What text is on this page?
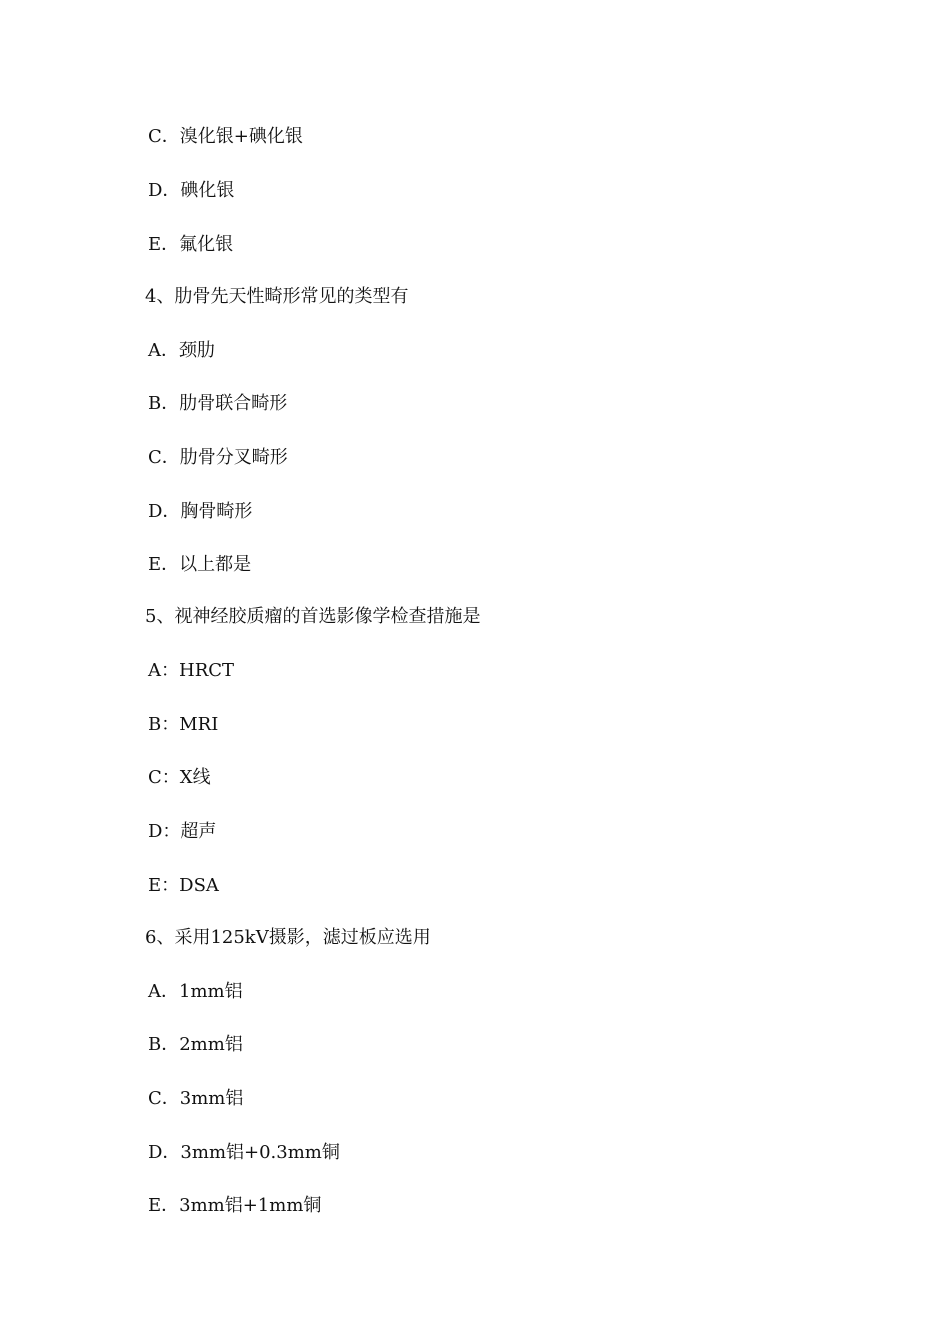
C．溴化银+碘化银
D．碘化银
E．氟化银
4、肋骨先天性畸形常见的类型有
A．颈肋
B．肋骨联合畸形
C．肋骨分叉畸形
D．胸骨畸形
E．以上都是
5、视神经胶质瘤的首选影像学检查措施是
A：HRCT
B：MRI
C：X线
D：超声
E：DSA
6、采用125kV摄影，滤过板应选用
A．1mm铝
B．2mm铝
C．3mm铝
D．3mm铝+0.3mm铜
E．3mm铝+1mm铜
